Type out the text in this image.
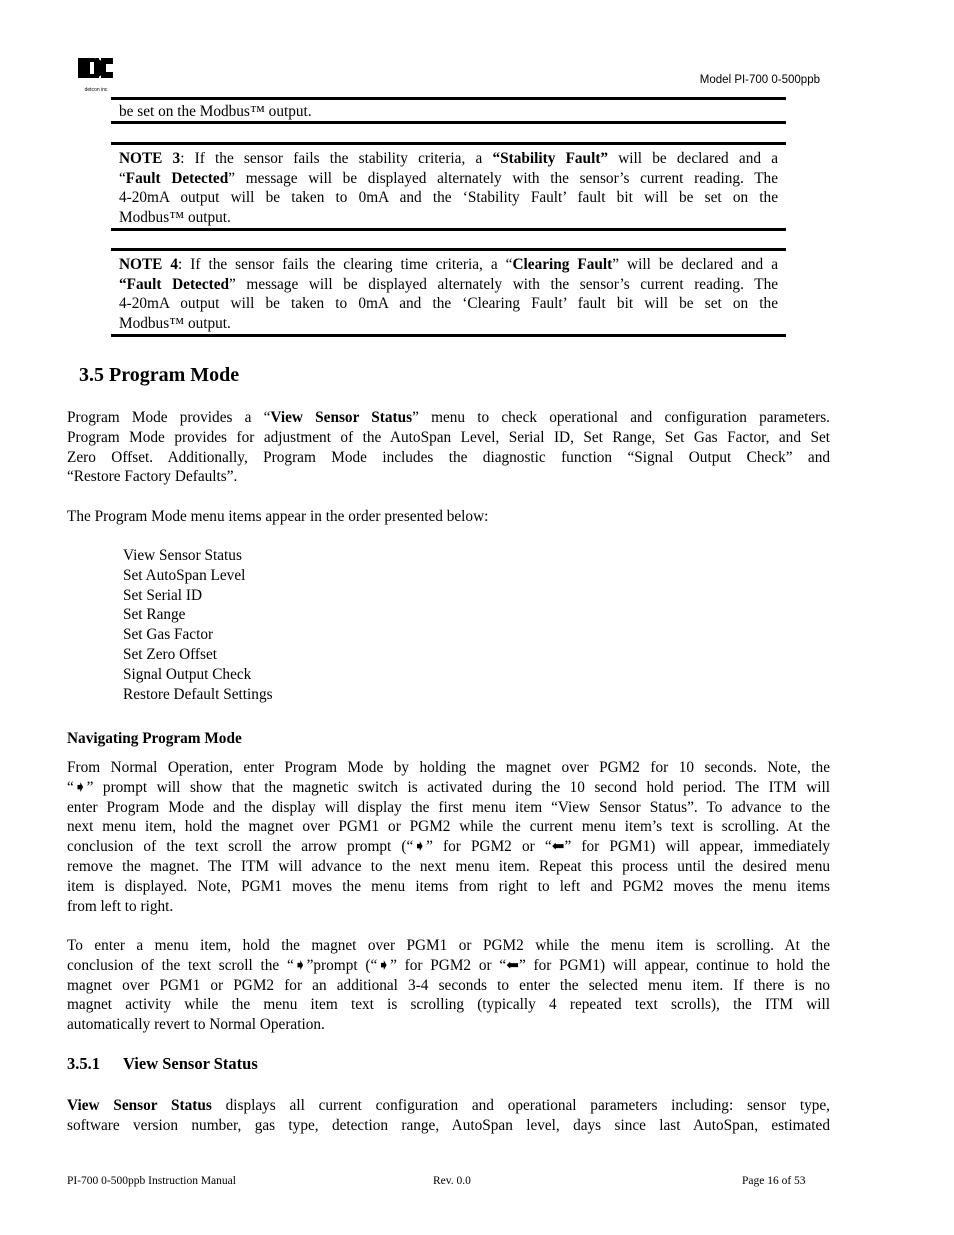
detcon inc
Model PI-700 0-500ppb

be set on the Modbus™ output.

NOTE 3: If the sensor fails the stability criteria, a “Stability Fault” will be declared and a
“Fault Detected” message will be displayed alternately with the sensor’s current reading. The
4-20mA output will be taken to 0mA and the ‘Stability Fault’ fault bit will be set on the
Modbus™ output.

NOTE 4: If the sensor fails the clearing time criteria, a “Clearing Fault” will be declared and a
“Fault Detected” message will be displayed alternately with the sensor’s current reading. The
4-20mA output will be taken to 0mA and the ‘Clearing Fault’ fault bit will be set on the
Modbus™ output.

3.5 Program Mode
Program Mode provides a “View Sensor Status” menu to check operational and configuration parameters.
Program Mode provides for adjustment of the AutoSpan Level, Serial ID, Set Range, Set Gas Factor, and Set
Zero Offset. Additionally, Program Mode includes the diagnostic function “Signal Output Check” and
“Restore Factory Defaults”.
The Program Mode menu items appear in the order presented below:
View Sensor Status
Set AutoSpan Level
Set Serial ID
Set Range
Set Gas Factor
Set Zero Offset
Signal Output Check
Restore Default Settings
Navigating Program Mode
From Normal Operation, enter Program Mode by holding the magnet over PGM2 for 10 seconds. Note, the
“➧” prompt will show that the magnetic switch is activated during the 10 second hold period. The ITM will
enter Program Mode and the display will display the first menu item “View Sensor Status”. To advance to the
next menu item, hold the magnet over PGM1 or PGM2 while the current menu item’s text is scrolling. At the
conclusion of the text scroll the arrow prompt (“➧” for PGM2 or “⬅” for PGM1) will appear, immediately
remove the magnet. The ITM will advance to the next menu item. Repeat this process until the desired menu
item is displayed. Note, PGM1 moves the menu items from right to left and PGM2 moves the menu items
from left to right.
To enter a menu item, hold the magnet over PGM1 or PGM2 while the menu item is scrolling. At the
conclusion of the text scroll the “➧”prompt (“➧” for PGM2 or “⬅” for PGM1) will appear, continue to hold the
magnet over PGM1 or PGM2 for an additional 3-4 seconds to enter the selected menu item. If there is no
magnet activity while the menu item text is scrolling (typically 4 repeated text scrolls), the ITM will
automatically revert to Normal Operation.
3.5.1 View Sensor Status
View Sensor Status displays all current configuration and operational parameters including: sensor type,
software version number, gas type, detection range, AutoSpan level, days since last AutoSpan, estimated
PI-700 0-500ppb Instruction Manual	Rev. 0.0	Page 16 of 53
